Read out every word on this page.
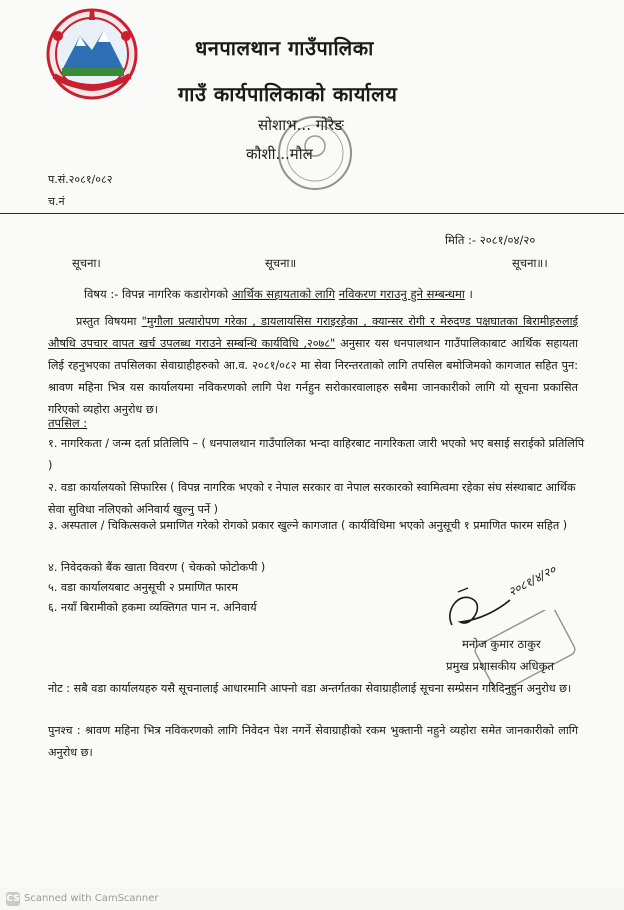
धनपालथान गाउँपालिका
गाउँ कार्यपालिकाको कार्यालय
सोशाभ... गोरेङ
कौशी...मौल
प.सं.२०८१/०८२
च.नं
मिति :- २०८१/०४/२०
सूचना।	सूचना॥	सूचना॥।
विषय :- विपन्न नागरिक कडारोगको आर्थिक सहायताको लागि नविकरण गराउनु हुने सम्बन्धमा ।
प्रस्तुत विषयमा "मुगौला प्रत्यारोपण गरेका , डायलायसिस गराइरहेका , क्यान्सर रोगी र मेरुदण्ड पक्षघातका बिरामीहरुलाई औषधि उपचार वापत खर्च उपलब्ध गराउने सम्बन्धि कार्यविधि ,२०७८" अनुसार यस धनपालथान गाउँपालिकाबाट आर्थिक सहायता लिई रहनुभएका तपसिलका सेवाग्राहीहरुको आ.व. २०८१/०८२ मा सेवा निरन्तरताको लागि तपसिल बमोजिमको कागजात सहित पुन: श्रावण महिना भित्र यस कार्यालयमा नविकरणको लागि पेश गर्नहुन सरोकारवालाहरु सबैमा जानकारीको लागि यो सूचना प्रकासित गरिएको व्यहोरा अनुरोध छ।
तपसिल :
१. नागरिकता / जन्म दर्ता प्रतिलिपि – ( धनपालथान गाउँपालिका भन्दा वाहिरबाट नागरिकता जारी भएको भए बसाई सराईको प्रतिलिपि )
२. वडा कार्यालयको सिफारिस ( विपन्न नागरिक भएको र नेपाल सरकार वा नेपाल सरकारको स्वामित्वमा रहेका संघ संस्थाबाट आर्थिक सेवा सुविधा नलिएको अनिवार्य खुल्नु पर्ने )
३. अस्पताल / चिकित्सकले प्रमाणित गरेको रोगको प्रकार खुल्ने कागजात ( कार्यविधिमा भएको अनुसूची १ प्रमाणित फारम सहित )
४. निवेदकको बैंक खाता विवरण ( चेकको फोटोकपी )
५. वडा कार्यालयबाट अनुसूची २ प्रमाणित फारम
६. नयाँ बिरामीको हकमा व्यक्तिगत पान न. अनिवार्य
२०८१/४/२०
मनोज कुमार ठाकुर
प्रमुख प्रशासकीय अधिकृत
नोट : सबै वडा कार्यालयहरु यसै सूचनालाई आधारमानि आफ्नो वडा अन्तर्गतका सेवाग्राहीलाई सूचना सम्प्रेसन गरिदिनुहुन अनुरोध छ।
पुनश्च : श्रावण महिना भित्र नविकरणको लागि निवेदन पेश नगर्ने सेवाग्राहीको रकम भुक्तानी नहुने व्यहोरा समेत जानकारीको लागि अनुरोध छ।
CS Scanned with CamScanner
